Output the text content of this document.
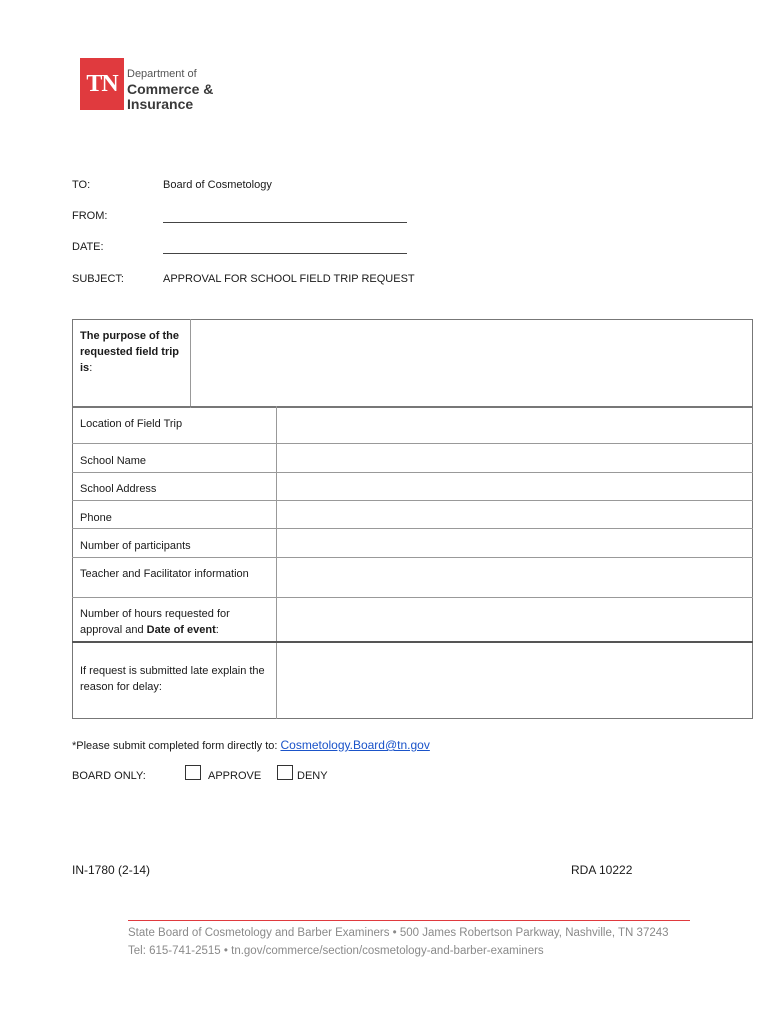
TN Department of
Commerce &
Insurance
TO:	Board of Cosmetology
FROM:
DATE:
SUBJECT:	APPROVAL FOR SCHOOL FIELD TRIP REQUEST
The purpose of the requested field trip is:
Location of Field Trip
School Name
School Address
Phone
Number of participants
Teacher and Facilitator information
Number of hours requested for approval and Date of event:
If request is submitted late explain the reason for delay:
*Please submit completed form directly to: Cosmetology.Board@tn.gov
BOARD ONLY:	APPROVE	DENY
IN-1780 (2-14)	RDA 10222
State Board of Cosmetology and Barber Examiners • 500 James Robertson Parkway, Nashville, TN 37243
Tel: 615-741-2515 • tn.gov/commerce/section/cosmetology-and-barber-examiners
